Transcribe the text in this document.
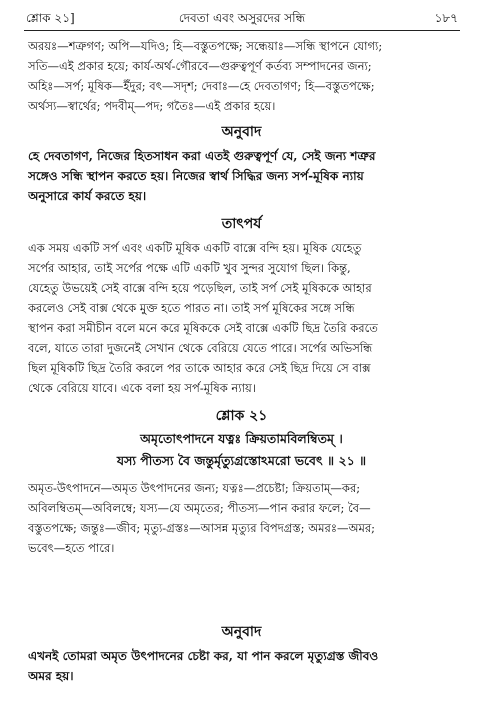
শ্লোক ২১]	দেবতা এবং অসুরদের সন্ধি	১৮৭
অরয়ঃ—শত্রুগণ; অপি—যদিও; হি—বস্তুতপক্ষে; সন্ধেয়াঃ—সন্ধি স্থাপনে যোগ্য;
সতি—এই প্রকার হয়ে; কার্য-অর্থ-গৌরবে—গুরুত্বপূর্ণ কর্তব্য সম্পাদনের জন্য;
অহিঃ—সর্প; মূষিক—ইঁদুর; বৎ—সদৃশ; দেবাঃ—হে দেবতাগণ; হি—বস্তুতপক্ষে;
অর্থস্য—স্বার্থের; পদবীম্—পদ; গতৈঃ—এই প্রকার হয়ে।
অনুবাদ
হে দেবতাগণ, নিজের হিতসাধন করা এতই গুরুত্বপূর্ণ যে, সেই জন্য শত্রুর
সঙ্গেও সন্ধি স্থাপন করতে হয়। নিজের স্বার্থ সিদ্ধির জন্য সর্প-মূষিক ন্যায়
অনুসারে কার্য করতে হয়।
তাৎপর্য
এক সময় একটি সর্প এবং একটি মূষিক একটি বাক্সে বন্দি হয়। মূষিক যেহেতু
সর্পের আহার, তাই সর্পের পক্ষে এটি একটি খুব সুন্দর সুযোগ ছিল। কিন্তু,
যেহেতু উভয়েই সেই বাক্সে বন্দি হয়ে পড়েছিল, তাই সর্প সেই মূষিককে আহার
করলেও সেই বাক্স থেকে মুক্ত হতে পারত না। তাই সর্প মূষিকের সঙ্গে সন্ধি
স্থাপন করা সমীচীন বলে মনে করে মূষিককে সেই বাক্সে একটি ছিদ্র তৈরি করতে
বলে, যাতে তারা দুজনেই সেখান থেকে বেরিয়ে যেতে পারে। সর্পের অভিসন্ধি
ছিল মূষিকটি ছিদ্র তৈরি করলে পর তাকে আহার করে সেই ছিদ্র দিয়ে সে বাক্স
থেকে বেরিয়ে যাবে। একে বলা হয় সর্প-মূষিক ন্যায়।
শ্লোক ২১
অমৃতোৎপাদনে যত্নঃ ক্রিয়তামবিলম্বিতম্ ।
যস্য পীতস্য বৈ জন্তুর্মৃত্যুগ্রস্তোঽমরো ভবেৎ ॥ ২১ ॥
অমৃত-উৎপাদনে—অমৃত উৎপাদনের জন্য; যত্নঃ—প্রচেষ্টা; ক্রিয়তাম্—কর;
অবিলম্বিতম্—অবিলম্বে; যস্য—যে অমৃতের; পীতস্য—পান করার ফলে; বৈ—
বস্তুতপক্ষে; জন্তুঃ—জীব; মৃত্যু-গ্রস্তঃ—আসন্ন মৃত্যুর বিপদগ্রস্ত; অমরঃ—অমর;
ভবেৎ—হতে পারে।
অনুবাদ
এখনই তোমরা অমৃত উৎপাদনের চেষ্টা কর, যা পান করলে মৃত্যুগ্রস্ত জীবও
অমর হয়।
